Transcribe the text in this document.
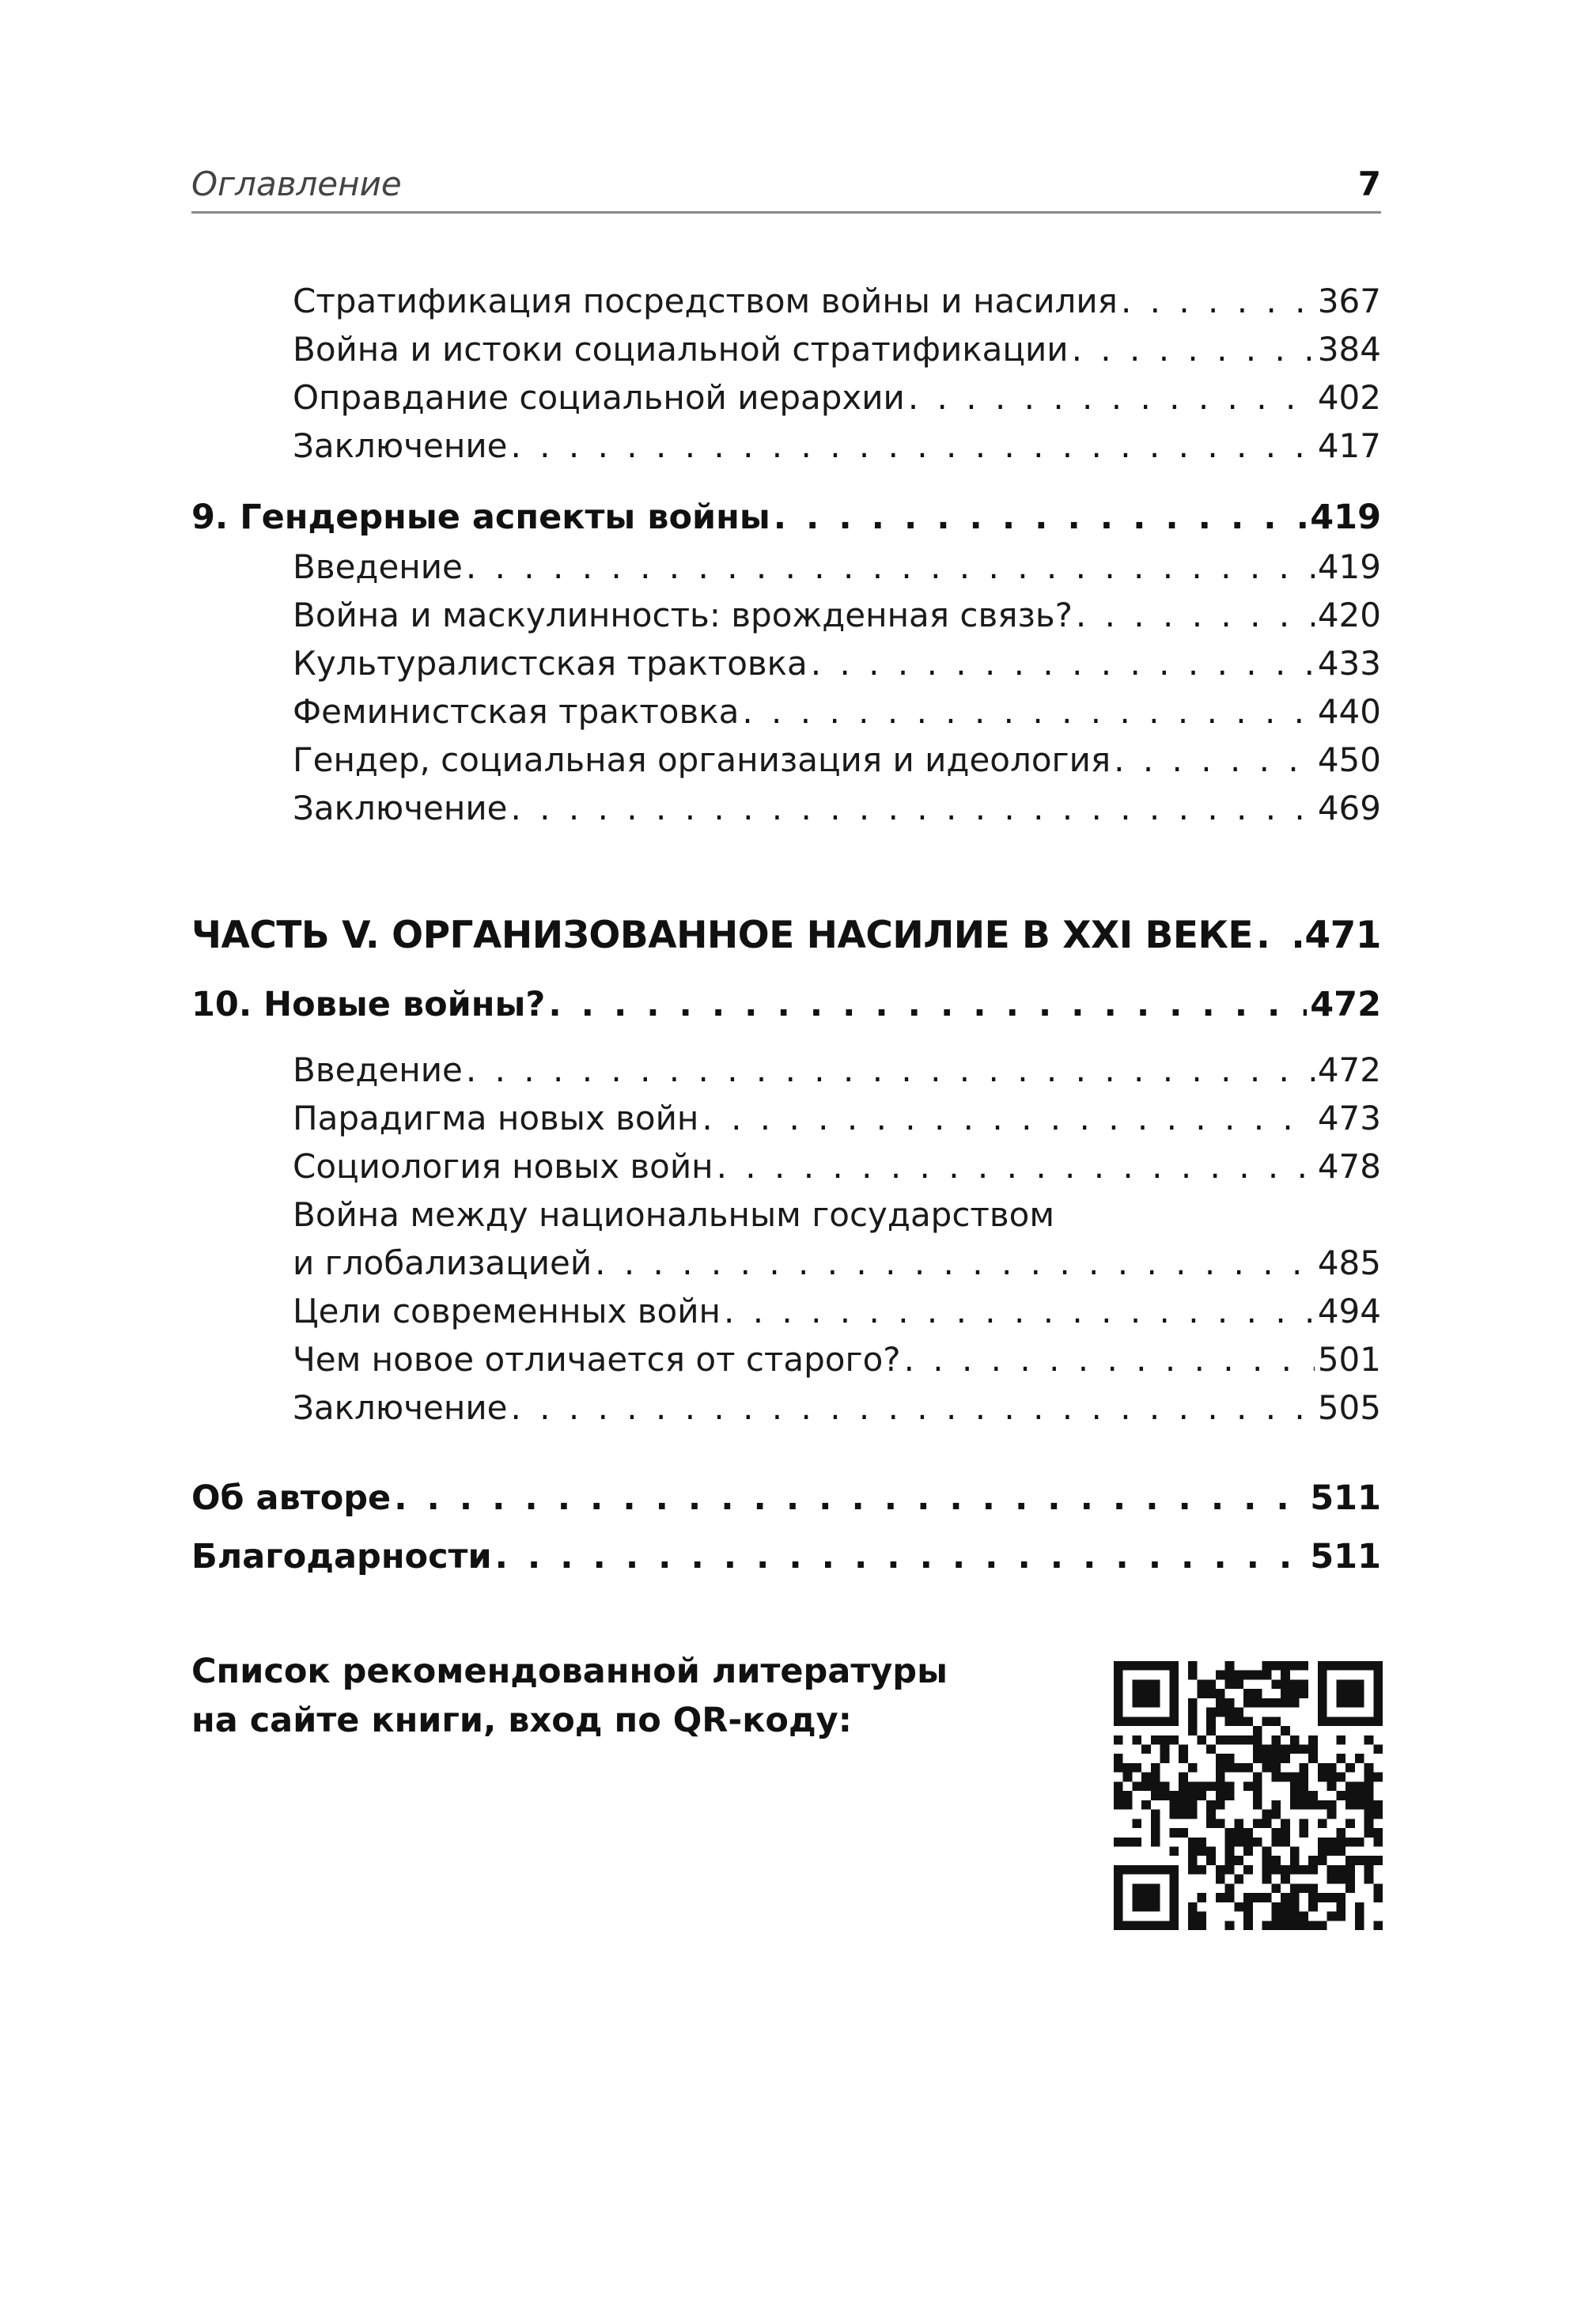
Оглавление	7
Стратификация посредством войны и насилия . . .	367
Война и истоки социальной стратификации . . .	384
Оправдание социальной иерархии . . .	402
Заключение . . .	417
9. Гендерные аспекты войны . . .	419
Введение . . .	419
Война и маскулинность: врожденная связь? . . .	420
Культуралистская трактовка . . .	433
Феминистская трактовка . . .	440
Гендер, социальная организация и идеология . . .	450
Заключение . . .	469
ЧАСТЬ V. ОРГАНИЗОВАННОЕ НАСИЛИЕ В XXI ВЕКЕ . . . 471
10. Новые войны? . . .	472
Введение . . .	472
Парадигма новых войн . . .	473
Социология новых войн . . .	478
Война между национальным государством
и глобализацией . . .	485
Цели современных войн . . .	494
Чем новое отличается от старого? . . .	501
Заключение . . .	505
Об авторе . . .	511
Благодарности . . .	511
Список рекомендованной литературы
на сайте книги, вход по QR-коду:
